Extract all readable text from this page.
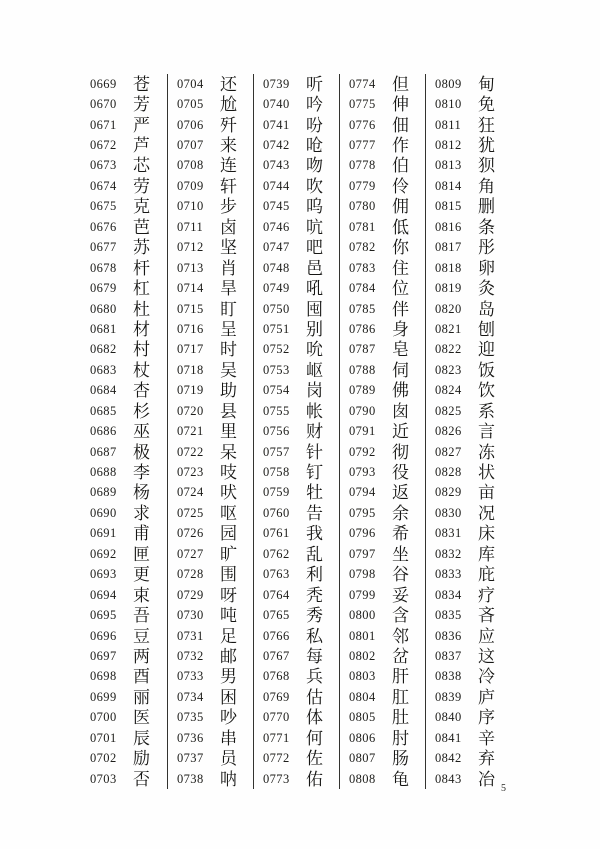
0669 苍
0670 芳
0671 严
0672 芦
0673 芯
0674 劳
0675 克
0676 芭
0677 苏
0678 杆
0679 杠
0680 杜
0681 材
0682 村
0683 杖
0684 杏
0685 杉
0686 巫
0687 极
0688 李
0689 杨
0690 求
0691 甫
0692 匣
0693 更
0694 束
0695 吾
0696 豆
0697 两
0698 酉
0699 丽
0700 医
0701 辰
0702 励
0703 否
0704 还
0705 尬
0706 歼
0707 来
0708 连
0709 轩
0710 步
0711 卤
0712 坚
0713 肖
0714 旱
0715 盯
0716 呈
0717 时
0718 吴
0719 助
0720 县
0721 里
0722 呆
0723 吱
0724 吠
0725 呕
0726 园
0727 旷
0728 围
0729 呀
0730 吨
0731 足
0732 邮
0733 男
0734 困
0735 吵
0736 串
0737 员
0738 呐
0739 听
0740 吟
0741 吩
0742 呛
0743 吻
0744 吹
0745 呜
0746 吭
0747 吧
0748 邑
0749 吼
0750 囤
0751 别
0752 吮
0753 岖
0754 岗
0755 帐
0756 财
0757 针
0758 钉
0759 牡
0760 告
0761 我
0762 乱
0763 利
0764 秃
0765 秀
0766 私
0767 每
0768 兵
0769 估
0770 体
0771 何
0772 佐
0773 佑
0774 但
0775 伸
0776 佃
0777 作
0778 伯
0779 伶
0780 佣
0781 低
0782 你
0783 住
0784 位
0785 伴
0786 身
0787 皂
0788 伺
0789 佛
0790 囱
0791 近
0792 彻
0793 役
0794 返
0795 余
0796 希
0797 坐
0798 谷
0799 妥
0800 含
0801 邻
0802 岔
0803 肝
0804 肛
0805 肚
0806 肘
0807 肠
0808 龟
0809 甸
0810 免
0811 狂
0812 犹
0813 狈
0814 角
0815 删
0816 条
0817 彤
0818 卵
0819 灸
0820 岛
0821 刨
0822 迎
0823 饭
0824 饮
0825 系
0826 言
0827 冻
0828 状
0829 亩
0830 况
0831 床
0832 库
0833 庇
0834 疗
0835 吝
0836 应
0837 这
0838 冷
0839 庐
0840 序
0841 辛
0842 弃
0843 冶 5
